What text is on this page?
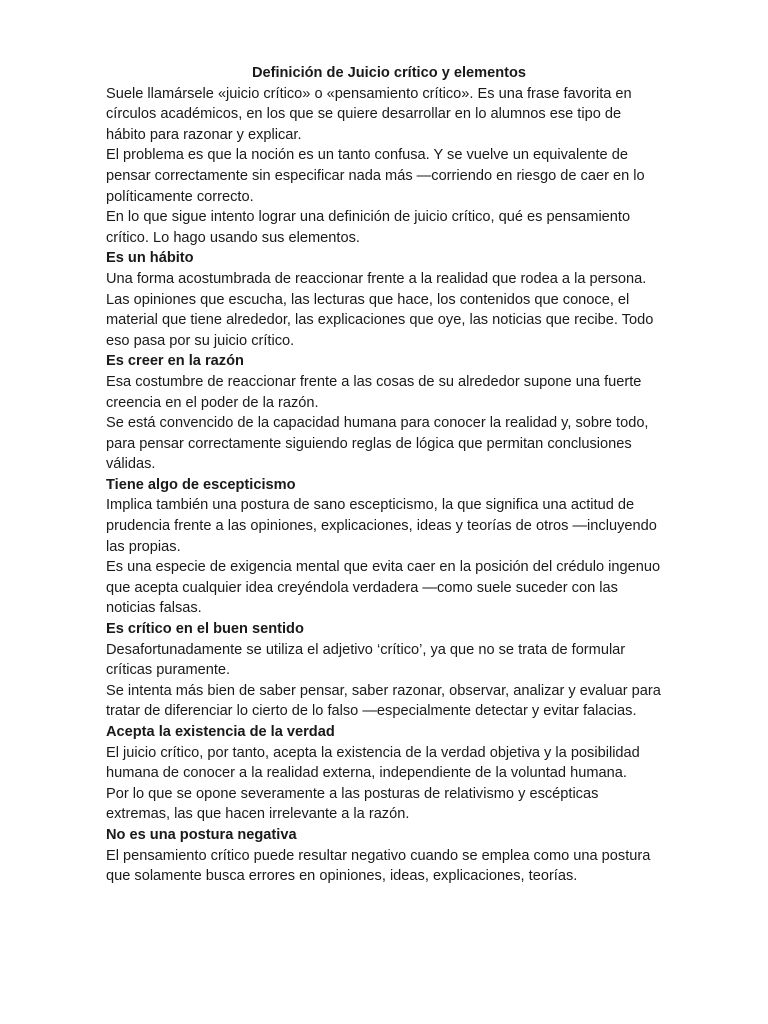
Definición de Juicio crítico y elementos
Suele llamársele «juicio crítico» o «pensamiento crítico». Es una frase favorita en círculos académicos, en los que se quiere desarrollar en lo alumnos ese tipo de hábito para razonar y explicar.
El problema es que la noción es un tanto confusa. Y se vuelve un equivalente de pensar correctamente sin especificar nada más —corriendo en riesgo de caer en lo políticamente correcto.
En lo que sigue intento lograr una definición de juicio crítico, qué es pensamiento crítico. Lo hago usando sus elementos.
Es un hábito
Una forma acostumbrada de reaccionar frente a la realidad que rodea a la persona.
Las opiniones que escucha, las lecturas que hace, los contenidos que conoce, el material que tiene alrededor, las explicaciones que oye, las noticias que recibe. Todo eso pasa por su juicio crítico.
Es creer en la razón
Esa costumbre de reaccionar frente a las cosas de su alrededor supone una fuerte creencia en el poder de la razón.
Se está convencido de la capacidad humana para conocer la realidad y, sobre todo, para pensar correctamente siguiendo reglas de lógica que permitan conclusiones válidas.
Tiene algo de escepticismo
Implica también una postura de sano escepticismo, la que significa una actitud de prudencia frente a las opiniones, explicaciones, ideas y teorías de otros —incluyendo las propias.
Es una especie de exigencia mental que evita caer en la posición del crédulo ingenuo que acepta cualquier idea creyéndola verdadera —como suele suceder con las noticias falsas.
Es crítico en el buen sentido
Desafortunadamente se utiliza el adjetivo ‘crítico’, ya que no se trata de formular críticas puramente.
Se intenta más bien de saber pensar, saber razonar, observar, analizar y evaluar para tratar de diferenciar lo cierto de lo falso —especialmente detectar y evitar falacias.
Acepta la existencia de la verdad
El juicio crítico, por tanto, acepta la existencia de la verdad objetiva y la posibilidad humana de conocer a la realidad externa, independiente de la voluntad humana.
Por lo que se opone severamente a las posturas de relativismo y escépticas extremas, las que hacen irrelevante a la razón.
No es una postura negativa
El pensamiento crítico puede resultar negativo cuando se emplea como una postura que solamente busca errores en opiniones, ideas, explicaciones, teorías.
